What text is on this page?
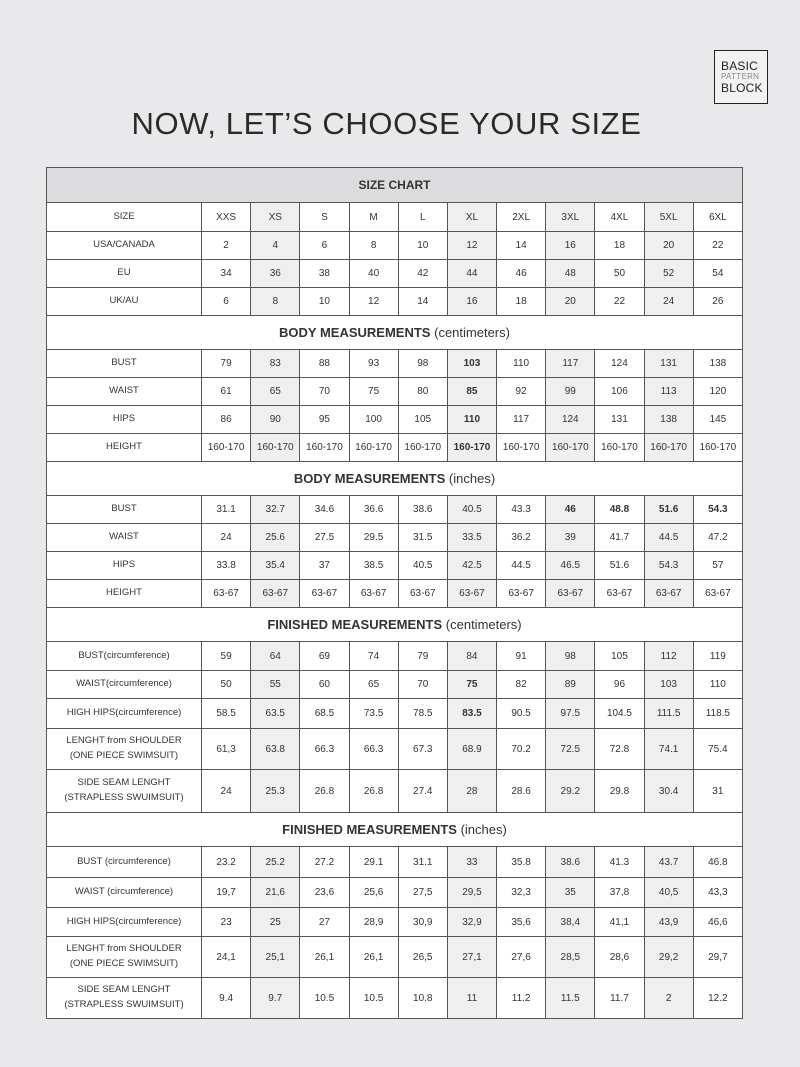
BASIC
PATTERN
BLOCK
NOW, LET’S CHOOSE YOUR SIZE
SIZE CHART											
SIZE	XXS	XS	S	M	L	XL	2XL	3XL	4XL	5XL	6XL
USA/CANADA	2	4	6	8	10	12	14	16	18	20	22
EU	34	36	38	40	42	44	46	48	50	52	54
UK/AU	6	8	10	12	14	16	18	20	22	24	26
BODY MEASUREMENTS (centimeters)											
BUST	79	83	88	93	98	103	110	117	124	131	138
WAIST	61	65	70	75	80	85	92	99	106	113	120
HIPS	86	90	95	100	105	110	117	124	131	138	145
HEIGHT	160-170	160-170	160-170	160-170	160-170	160-170	160-170	160-170	160-170	160-170	160-170
BODY MEASUREMENTS (inches)											
BUST	31.1	32.7	34.6	36.6	38.6	40.5	43.3	46	48.8	51.6	54.3
WAIST	24	25.6	27.5	29.5	31.5	33.5	36.2	39	41.7	44.5	47.2
HIPS	33.8	35.4	37	38.5	40.5	42.5	44.5	46.5	51.6	54.3	57
HEIGHT	63-67	63-67	63-67	63-67	63-67	63-67	63-67	63-67	63-67	63-67	63-67
FINISHED MEASUREMENTS (centimeters)											
BUST(circumference)	59	64	69	74	79	84	91	98	105	112	119
WAIST(circumference)	50	55	60	65	70	75	82	89	96	103	110
HIGH HIPS(circumference)	58.5	63.5	68.5	73.5	78.5	83.5	90.5	97.5	104.5	111.5	118.5
LENGHT from SHOULDER
(ONE PIECE SWIMSUIT)	61,3	63.8	66.3	66.3	67.3	68.9	70.2	72.5	72.8	74.1	75.4
SIDE SEAM LENGHT
(STRAPLESS SWUIMSUIT)	24	25.3	26.8	26.8	27.4	28	28.6	29.2	29.8	30.4	31
FINISHED MEASUREMENTS (inches)											
BUST (circumference)	23.2	25.2	27.2	29.1	31.1	33	35.8	38.6	41.3	43.7	46.8
WAIST (circumference)	19,7	21,6	23,6	25,6	27,5	29,5	32,3	35	37,8	40,5	43,3
HIGH HIPS(circumference)	23	25	27	28,9	30,9	32,9	35,6	38,4	41,1	43,9	46,6
LENGHT from SHOULDER
(ONE PIECE SWIMSUIT)	24,1	25,1	26,1	26,1	26,5	27,1	27,6	28,5	28,6	29,2	29,7
SIDE SEAM LENGHT
(STRAPLESS SWUIMSUIT)	9.4	9.7	10.5	10.5	10.8	11	11.2	11.5	11.7	2	12.2
